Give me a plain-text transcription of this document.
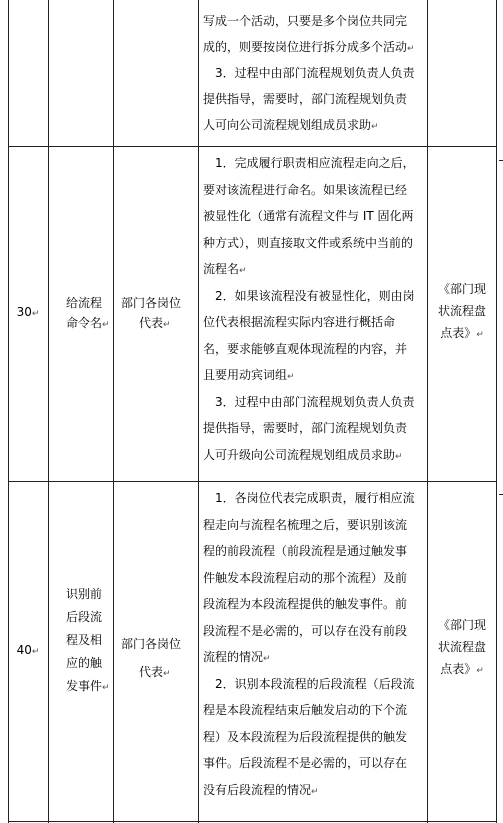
写成一个活动，只要是多个岗位共同完
成的，则要按岗位进行拆分成多个活动↵
　3．过程中由部门流程规划负责人负责
提供指导，需要时，部门流程规划负责
人可向公司流程规划组成员求助↵
30↵
给流程
命令名↵
部门各岗位
代表↵
　1．完成履行职责相应流程走向之后，
要对该流程进行命名。如果该流程已经
被显性化（通常有流程文件与 IT 固化两
种方式），则直接取文件或系统中当前的
流程名↵
　2．如果该流程没有被显性化，则由岗
位代表根据流程实际内容进行概括命
名，要求能够直观体现流程的内容，并
且要用动宾词组↵
　3．过程中由部门流程规划负责人负责
提供指导，需要时，部门流程规划负责
人可升级向公司流程规划组成员求助↵
《部门现
状流程盘
点表》↵
40↵
识别前
后段流
程及相
应的触
发事件↵
部门各岗位
代表↵
　1．各岗位代表完成职责，履行相应流
程走向与流程名梳理之后，要识别该流
程的前段流程（前段流程是通过触发事
件触发本段流程启动的那个流程）及前
段流程为本段流程提供的触发事件。前
段流程不是必需的，可以存在没有前段
流程的情况↵
　2．识别本段流程的后段流程（后段流
程是本段流程结束后触发启动的下个流
程）及本段流程为后段流程提供的触发
事件。后段流程不是必需的，可以存在
没有后段流程的情况↵
《部门现
状流程盘
点表》↵
